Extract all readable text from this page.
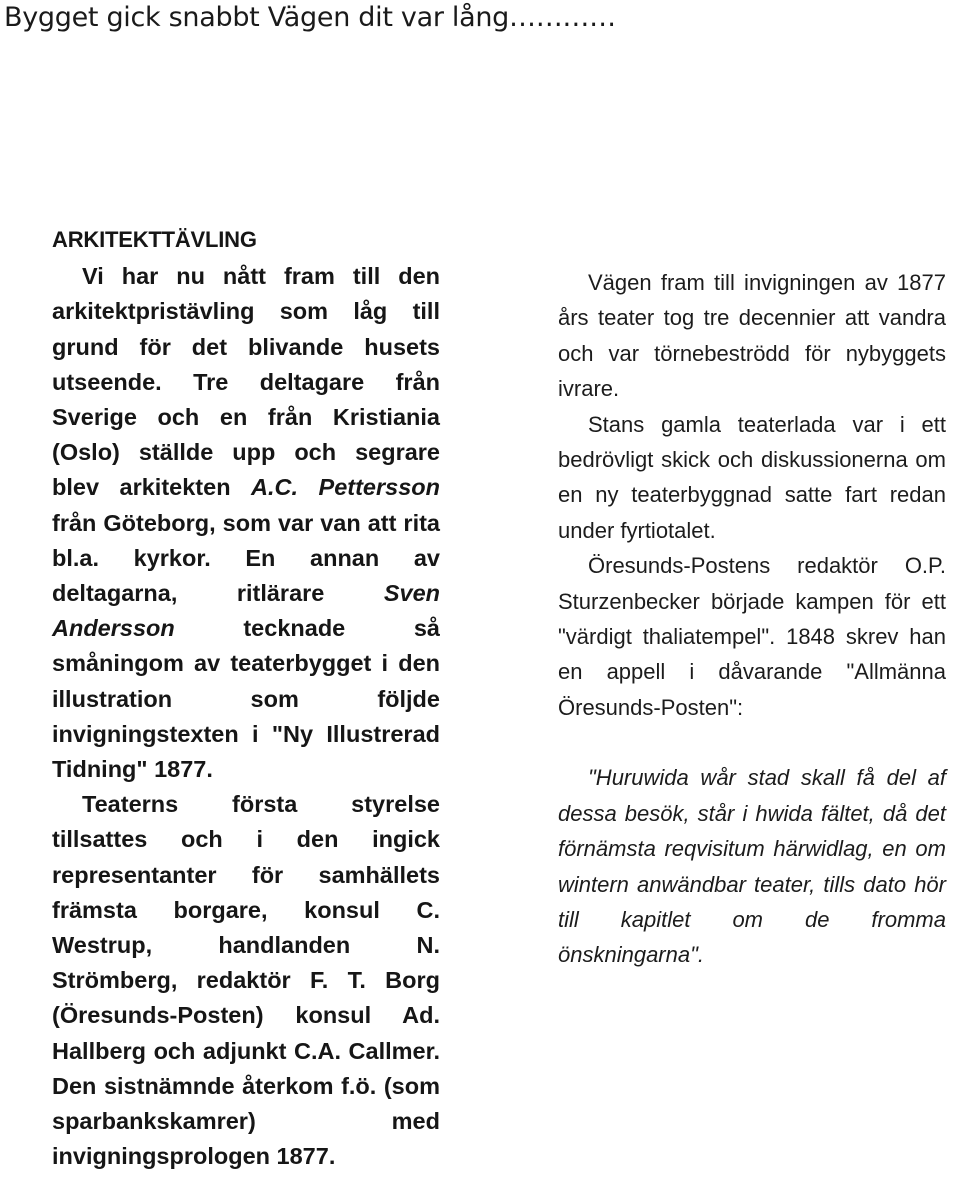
Bygget gick snabbt Vägen dit var lång…………
ARKITEKTTÄVLING

Vi har nu nått fram till den arkitektpristävling som låg till grund för det blivande husets utseende. Tre deltagare från Sverige och en från Kristiania (Oslo) ställde upp och segrare blev arkitekten A.C. Pettersson från Göteborg, som var van att rita bl.a. kyrkor. En annan av deltagarna, ritlärare Sven Andersson tecknade så småningom av teaterbygget i den illustration som följde invigningstexten i "Ny Illustrerad Tidning" 1877.

Teaterns första styrelse tillsattes och i den ingick representanter för samhällets främsta borgare, konsul C. Westrup, handlanden N. Strömberg, redaktör F. T. Borg (Öresunds-Posten) konsul Ad. Hallberg och adjunkt C.A. Callmer. Den sistnämnde återkom f.ö. (som sparbankskamrer) med invigningsprologen 1877.

Vägen fram till invigningen av 1877 års teater tog tre decennier att vandra och var törnebeströdd för nybyggets ivrare.

Stans gamla teaterlada var i ett bedrövligt skick och diskussionerna om en ny teaterbyggnad satte fart redan under fyrtiotalet.

Öresunds-Postens redaktör O.P. Sturzenbecker började kampen för ett "värdigt thaliatempel". 1848 skrev han en appell i dåvarande "Allmänna Öresunds-Posten":

"Huruwida wår stad skall få del af dessa besök, står i hwida fältet, då det förnämsta reqvisitum härwidlag, en om wintern anwändbar teater, tills dato hör till kapitlet om de fromma önskningarna".
